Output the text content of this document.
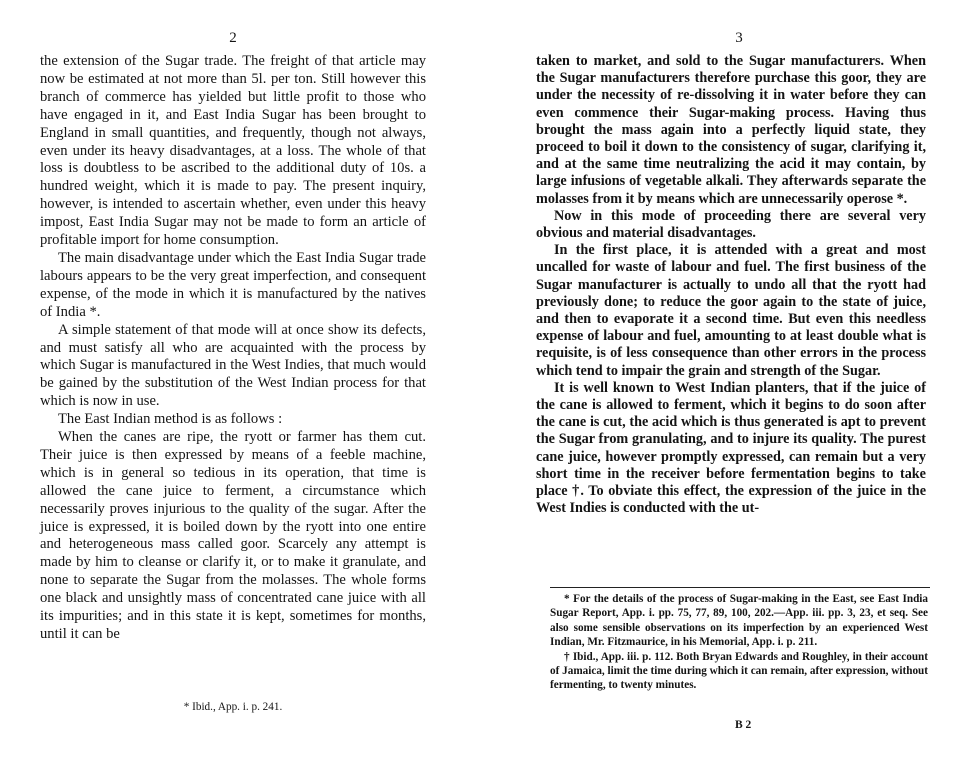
2

the extension of the Sugar trade. The freight of that article may now be estimated at not more than 5l. per ton. Still however this branch of commerce has yielded but little profit to those who have engaged in it, and East India Sugar has been brought to England in small quantities, and frequently, though not always, even under its heavy disadvantages, at a loss. The whole of that loss is doubtless to be ascribed to the additional duty of 10s. a hundred weight, which it is made to pay. The present inquiry, however, is intended to ascertain whether, even under this heavy impost, East India Sugar may not be made to form an article of profitable import for home consumption.

The main disadvantage under which the East India Sugar trade labours appears to be the very great imperfection, and consequent expense, of the mode in which it is manufactured by the natives of India *.

A simple statement of that mode will at once show its defects, and must satisfy all who are acquainted with the process by which Sugar is manufactured in the West Indies, that much would be gained by the substitution of the West Indian process for that which is now in use.

The East Indian method is as follows :

When the canes are ripe, the ryott or farmer has them cut. Their juice is then expressed by means of a feeble machine, which is in general so tedious in its operation, that time is allowed the cane juice to ferment, a circumstance which necessarily proves injurious to the quality of the sugar. After the juice is expressed, it is boiled down by the ryott into one entire and heterogeneous mass called goor. Scarcely any attempt is made by him to cleanse or clarify it, or to make it granulate, and none to separate the Sugar from the molasses. The whole forms one black and unsightly mass of concentrated cane juice with all its impurities; and in this state it is kept, sometimes for months, until it can be

* Ibid., App. i. p. 241.
3

taken to market, and sold to the Sugar manufacturers. When the Sugar manufacturers therefore purchase this goor, they are under the necessity of re-dissolving it in water before they can even commence their Sugar-making process. Having thus brought the mass again into a perfectly liquid state, they proceed to boil it down to the consistency of sugar, clarifying it, and at the same time neutralizing the acid it may contain, by large infusions of vegetable alkali. They afterwards separate the molasses from it by means which are unnecessarily operose *.

Now in this mode of proceeding there are several very obvious and material disadvantages.

In the first place, it is attended with a great and most uncalled for waste of labour and fuel. The first business of the Sugar manufacturer is actually to undo all that the ryott had previously done; to reduce the goor again to the state of juice, and then to evaporate it a second time. But even this needless expense of labour and fuel, amounting to at least double what is requisite, is of less consequence than other errors in the process which tend to impair the grain and strength of the Sugar.

It is well known to West Indian planters, that if the juice of the cane is allowed to ferment, which it begins to do soon after the cane is cut, the acid which is thus generated is apt to prevent the Sugar from granulating, and to injure its quality. The purest cane juice, however promptly expressed, can remain but a very short time in the receiver before fermentation begins to take place †. To obviate this effect, the expression of the juice in the West Indies is conducted with the ut-

* For the details of the process of Sugar-making in the East, see East India Sugar Report, App. i. pp. 75, 77, 89, 100, 202.—App. iii. pp. 3, 23, et seq. See also some sensible observations on its imperfection by an experienced West Indian, Mr. Fitzmaurice, in his Memorial, App. i. p. 211.

† Ibid., App. iii. p. 112. Both Bryan Edwards and Roughley, in their account of Jamaica, limit the time during which it can remain, after expression, without fermenting, to twenty minutes.

B 2
